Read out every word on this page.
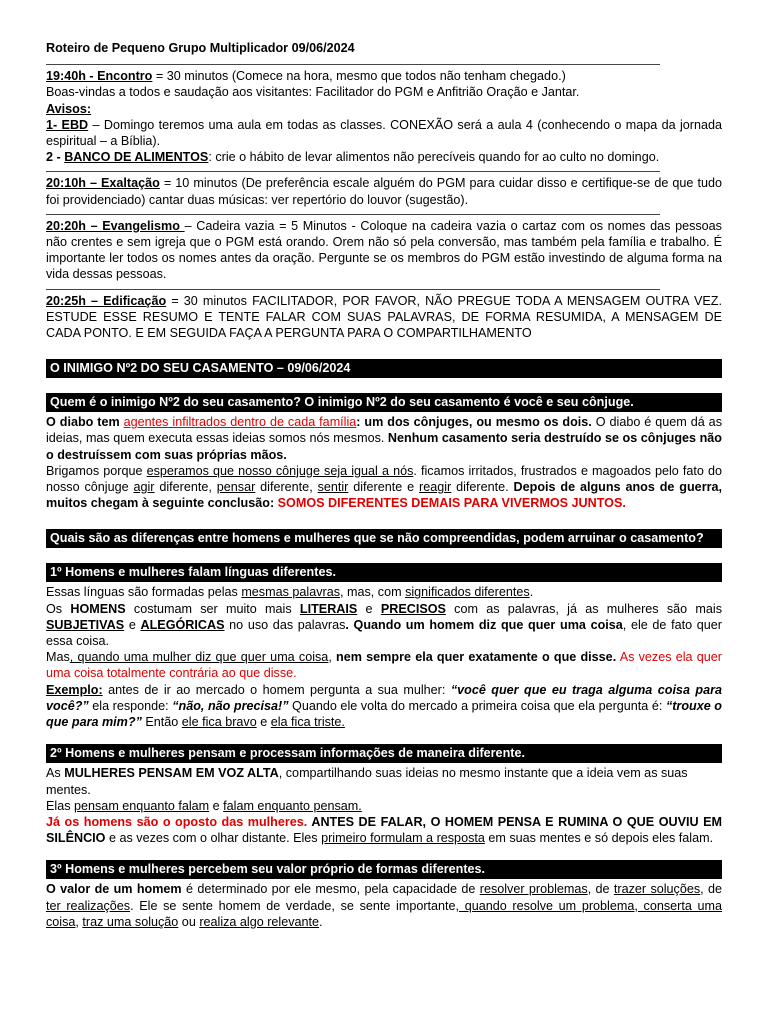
Roteiro de Pequeno Grupo Multiplicador 09/06/2024

19:40h - Encontro = 30 minutos (Comece na hora, mesmo que todos não tenham chegado.)

Boas-vindas a todos e saudação aos visitantes: Facilitador do PGM e Anfitrião Oração e Jantar.

Avisos:

1- EBD – Domingo teremos uma aula em todas as classes. CONEXÃO será a aula 4 (conhecendo o mapa da jornada espiritual – a Bíblia).

2 - BANCO DE ALIMENTOS: crie o hábito de levar alimentos não perecíveis quando for ao culto no domingo.

20:10h – Exaltação = 10 minutos (De preferência escale alguém do PGM para cuidar disso e certifique-se de que tudo foi providenciado) cantar duas músicas: ver repertório do louvor (sugestão).

20:20h – Evangelismo – Cadeira vazia = 5 Minutos - Coloque na cadeira vazia o cartaz com os nomes das pessoas não crentes e sem igreja que o PGM está orando. Orem não só pela conversão, mas também pela família e trabalho. É importante ler todos os nomes antes da oração. Pergunte se os membros do PGM estão investindo de alguma forma na vida dessas pessoas.

20:25h – Edificação = 30 minutos FACILITADOR, POR FAVOR, NÃO PREGUE TODA A MENSAGEM OUTRA VEZ. ESTUDE ESSE RESUMO E TENTE FALAR COM SUAS PALAVRAS, DE FORMA RESUMIDA, A MENSAGEM DE CADA PONTO. E EM SEGUIDA FAÇA A PERGUNTA PARA O COMPARTILHAMENTO

O INIMIGO Nº2 DO SEU CASAMENTO – 09/06/2024
Quem é o inimigo Nº2 do seu casamento? O inimigo Nº2 do seu casamento é você e seu cônjuge.

O diabo tem agentes infiltrados dentro de cada família: um dos cônjuges, ou mesmo os dois. O diabo é quem dá as ideias, mas quem executa essas ideias somos nós mesmos. Nenhum casamento seria destruído se os cônjuges não o destruíssem com suas próprias mãos.

Brigamos porque esperamos que nosso cônjuge seja igual a nós. ficamos irritados, frustrados e magoados pelo fato do nosso cônjuge agir diferente, pensar diferente, sentir diferente e reagir diferente. Depois de alguns anos de guerra, muitos chegam à seguinte conclusão: SOMOS DIFERENTES DEMAIS PARA VIVERMOS JUNTOS.

Quais são as diferenças entre homens e mulheres que se não compreendidas, podem arruinar o casamento?
1º Homens e mulheres falam línguas diferentes.

Essas línguas são formadas pelas mesmas palavras, mas, com significados diferentes.

Os HOMENS costumam ser muito mais LITERAIS e PRECISOS com as palavras, já as mulheres são mais SUBJETIVAS e ALEGÓRICAS no uso das palavras. Quando um homem diz que quer uma coisa, ele de fato quer essa coisa.

Mas, quando uma mulher diz que quer uma coisa, nem sempre ela quer exatamente o que disse. As vezes ela quer uma coisa totalmente contrária ao que disse.

Exemplo: antes de ir ao mercado o homem pergunta a sua mulher: “você quer que eu traga alguma coisa para você?” ela responde: “não, não precisa!” Quando ele volta do mercado a primeira coisa que ela pergunta é: “trouxe o que para mim?” Então ele fica bravo e ela fica triste.

2º Homens e mulheres pensam e processam informações de maneira diferente.

As MULHERES PENSAM EM VOZ ALTA, compartilhando suas ideias no mesmo instante que a ideia vem as suas mentes.

Elas pensam enquanto falam e falam enquanto pensam.

Já os homens são o oposto das mulheres. ANTES DE FALAR, O HOMEM PENSA E RUMINA O QUE OUVIU EM SILÊNCIO e as vezes com o olhar distante. Eles primeiro formulam a resposta em suas mentes e só depois eles falam.

3º Homens e mulheres percebem seu valor próprio de formas diferentes.

O valor de um homem é determinado por ele mesmo, pela capacidade de resolver problemas, de trazer soluções, de ter realizações. Ele se sente homem de verdade, se sente importante, quando resolve um problema, conserta uma coisa, traz uma solução ou realiza algo relevante.
